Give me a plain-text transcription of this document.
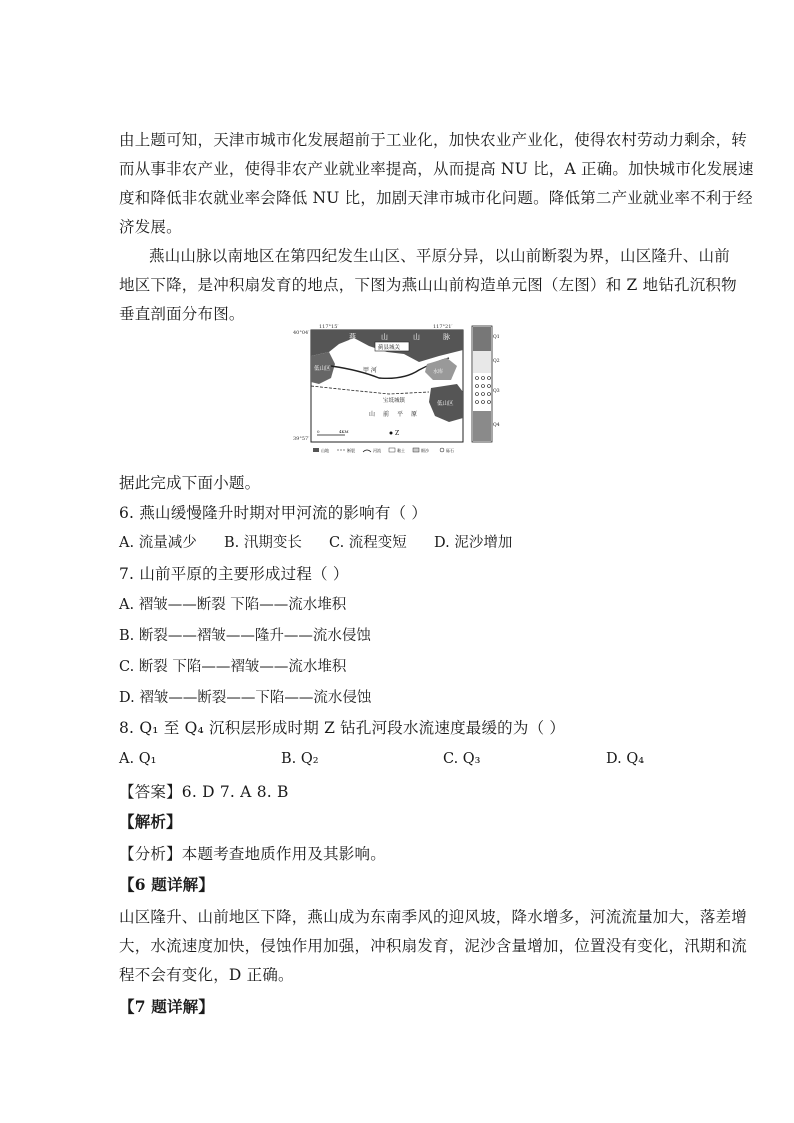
由上题可知，天津市城市化发展超前于工业化，加快农业产业化，使得农村劳动力剩余，转
而从事非农产业，使得非农产业就业率提高，从而提高 NU 比，A 正确。加快城市化发展速
度和降低非农就业率会降低 NU 比，加剧天津市城市化问题。降低第二产业就业率不利于经
济发展。
燕山山脉以南地区在第四纪发生山区、平原分异，以山前断裂为界，山区隆升、山前
地区下降，是冲积扇发育的地点，下图为燕山山前构造单元图（左图）和 Z 地钻孔沉积物
垂直剖面分布图。
117°15′	117°21′
40°04′
39°57′
燕	山	山	脉
蓟县城关
低山区	甲 河	水库
低山区
宝坻城镇
山 前 平 原
Z
0	4KM
Q1
Q2
Q3
Q4
山地	断裂	河流	黏土	细沙	砾石
据此完成下面小题。
6. 燕山缓慢隆升时期对甲河流的影响有（ ）
A. 流量减少 B. 汛期变长 C. 流程变短 D. 泥沙增加
7. 山前平原的主要形成过程（ ）
A. 褶皱——断裂 下陷——流水堆积
B. 断裂——褶皱——隆升——流水侵蚀
C. 断裂 下陷——褶皱——流水堆积
D. 褶皱——断裂——下陷——流水侵蚀
8. Q₁ 至 Q₄ 沉积层形成时期 Z 钻孔河段水流速度最缓的为（ ）
A. Q₁	B. Q₂	C. Q₃	D. Q₄
【答案】6. D 7. A 8. B
【解析】
【分析】本题考查地质作用及其影响。
【6 题详解】
山区隆升、山前地区下降，燕山成为东南季风的迎风坡，降水增多，河流流量加大，落差增
大，水流速度加快，侵蚀作用加强，冲积扇发育，泥沙含量增加，位置没有变化，汛期和流
程不会有变化，D 正确。
【7 题详解】
